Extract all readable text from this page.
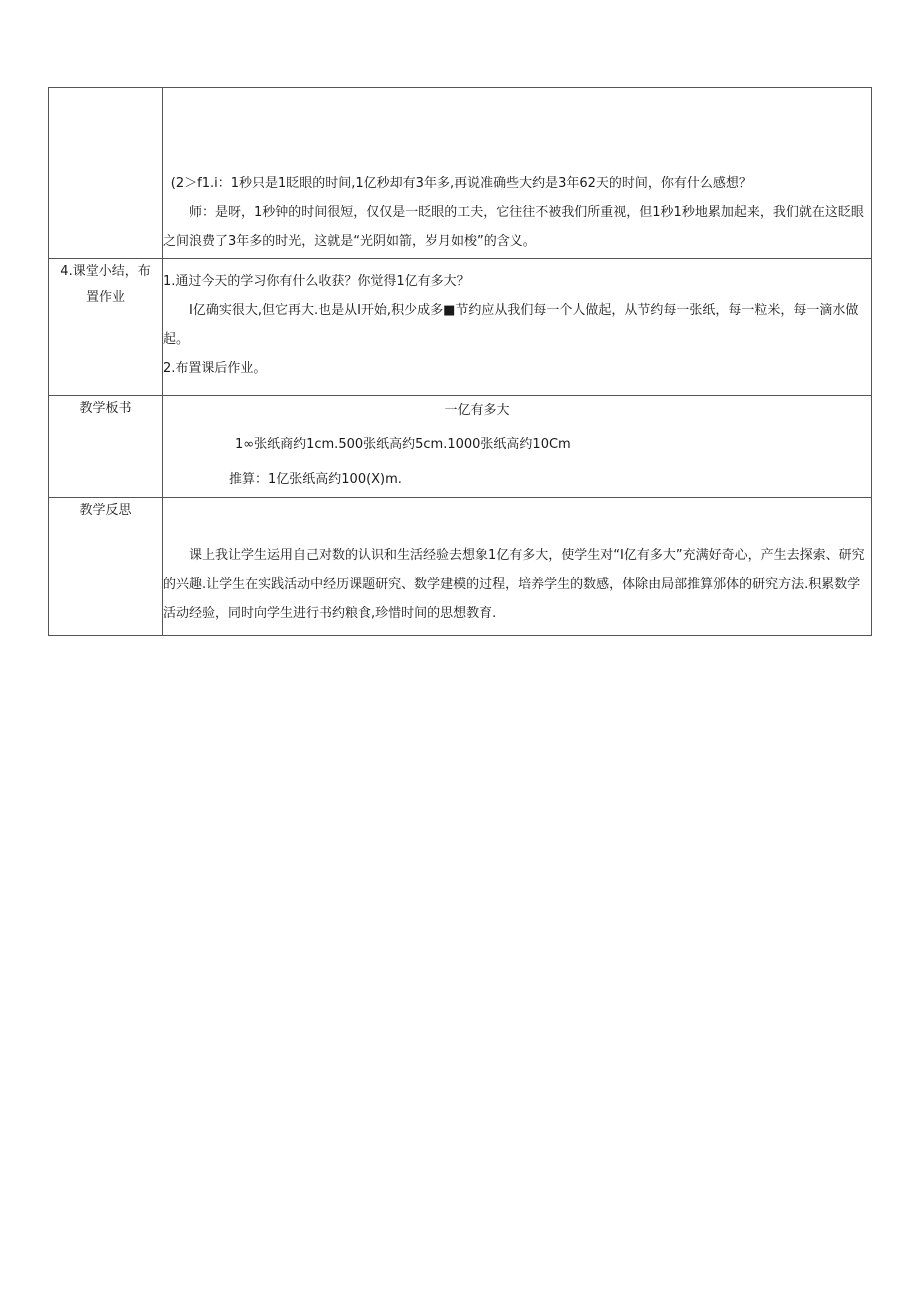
	(2＞f1.i：1秒只是1眨眼的时间,1亿秒却有3年多,再说准确些大约是3年62天的时间，你有什么感想？

师：是呀，1秒钟的时间很短，仅仅是一眨眼的工夫，它往往不被我们所重视，但1秒1秒地累加起来，我们就在这眨眼之间浪费了3年多的时光，这就是“光阴如箭，岁月如梭”的含义。

4.课堂小结，布置作业	1.通过今天的学习你有什么收获？你觉得1亿有多大？

I亿确实很大,但它再大.也是从I开始,积少成多■节约应从我们每一个人做起，从节约每一张纸，每一粒米，每一滴水做起。

2.布置课后作业。

教学板书	一亿有多大

1∞张纸商约1cm.500张纸高约5cm.1000张纸高约10Cm

推算：1亿张纸高约100(X)m.

教学反思	课上我让学生运用自己对数的认识和生活经验去想象1亿有多大，使学生对“I亿有多大”充满好奇心，产生去探索、研究的兴趣.让学生在实践活动中经历课题研究、数学建模的过程，培养学生的数感，体除由局部推算邠体的研究方法.积累数学活动经验，同时向学生进行书约粮食,珍惜时间的思想教育.
